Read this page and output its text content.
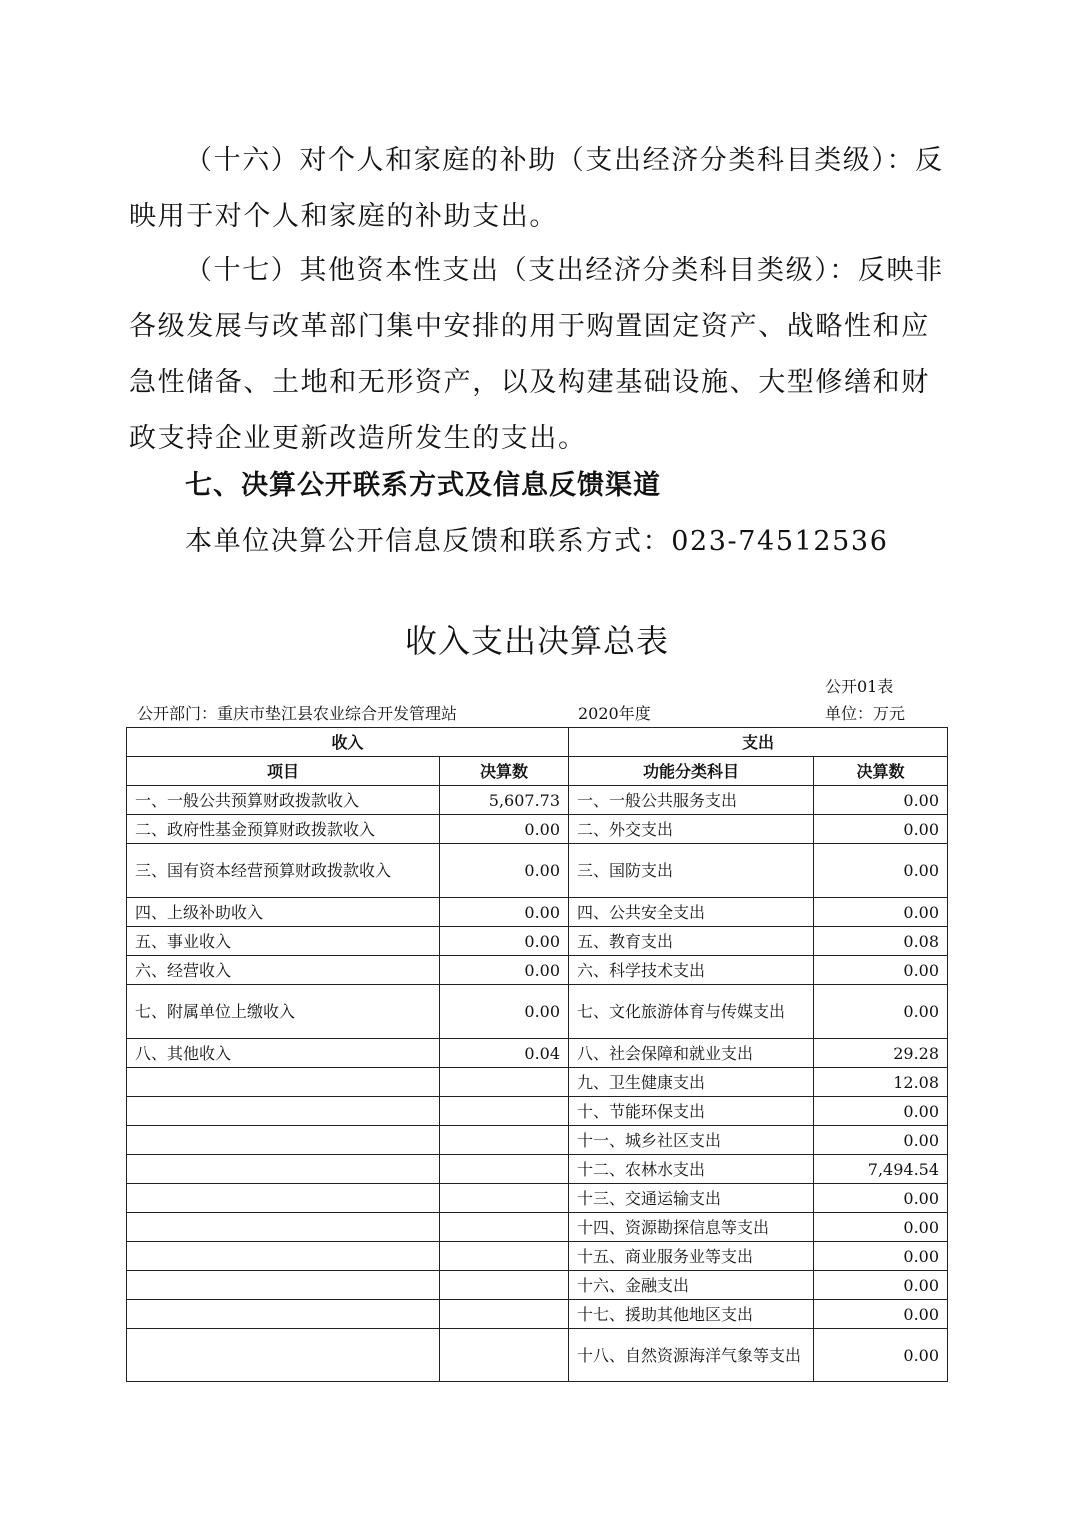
（十六）对个人和家庭的补助（支出经济分类科目类级）：反映用于对个人和家庭的补助支出。

（十七）其他资本性支出（支出经济分类科目类级）：反映非各级发展与改革部门集中安排的用于购置固定资产、战略性和应急性储备、土地和无形资产，以及构建基础设施、大型修缮和财政支持企业更新改造所发生的支出。

七、决算公开联系方式及信息反馈渠道
本单位决算公开信息反馈和联系方式：023-74512536
收入支出决算总表
公开01表
公开部门：重庆市垫江县农业综合开发管理站	2020年度	单位：万元
收入		支出	
项目	决算数	功能分类科目	决算数
一、一般公共预算财政拨款收入	5,607.73	一、一般公共服务支出	0.00
二、政府性基金预算财政拨款收入	0.00	二、外交支出	0.00
三、国有资本经营预算财政拨款收入	0.00	三、国防支出	0.00
四、上级补助收入	0.00	四、公共安全支出	0.00
五、事业收入	0.00	五、教育支出	0.08
六、经营收入	0.00	六、科学技术支出	0.00
七、附属单位上缴收入	0.00	七、文化旅游体育与传媒支出	0.00
八、其他收入	0.04	八、社会保障和就业支出	29.28
		九、卫生健康支出	12.08
		十、节能环保支出	0.00
		十一、城乡社区支出	0.00
		十二、农林水支出	7,494.54
		十三、交通运输支出	0.00
		十四、资源勘探信息等支出	0.00
		十五、商业服务业等支出	0.00
		十六、金融支出	0.00
		十七、援助其他地区支出	0.00
		十八、自然资源海洋气象等支出	0.00
